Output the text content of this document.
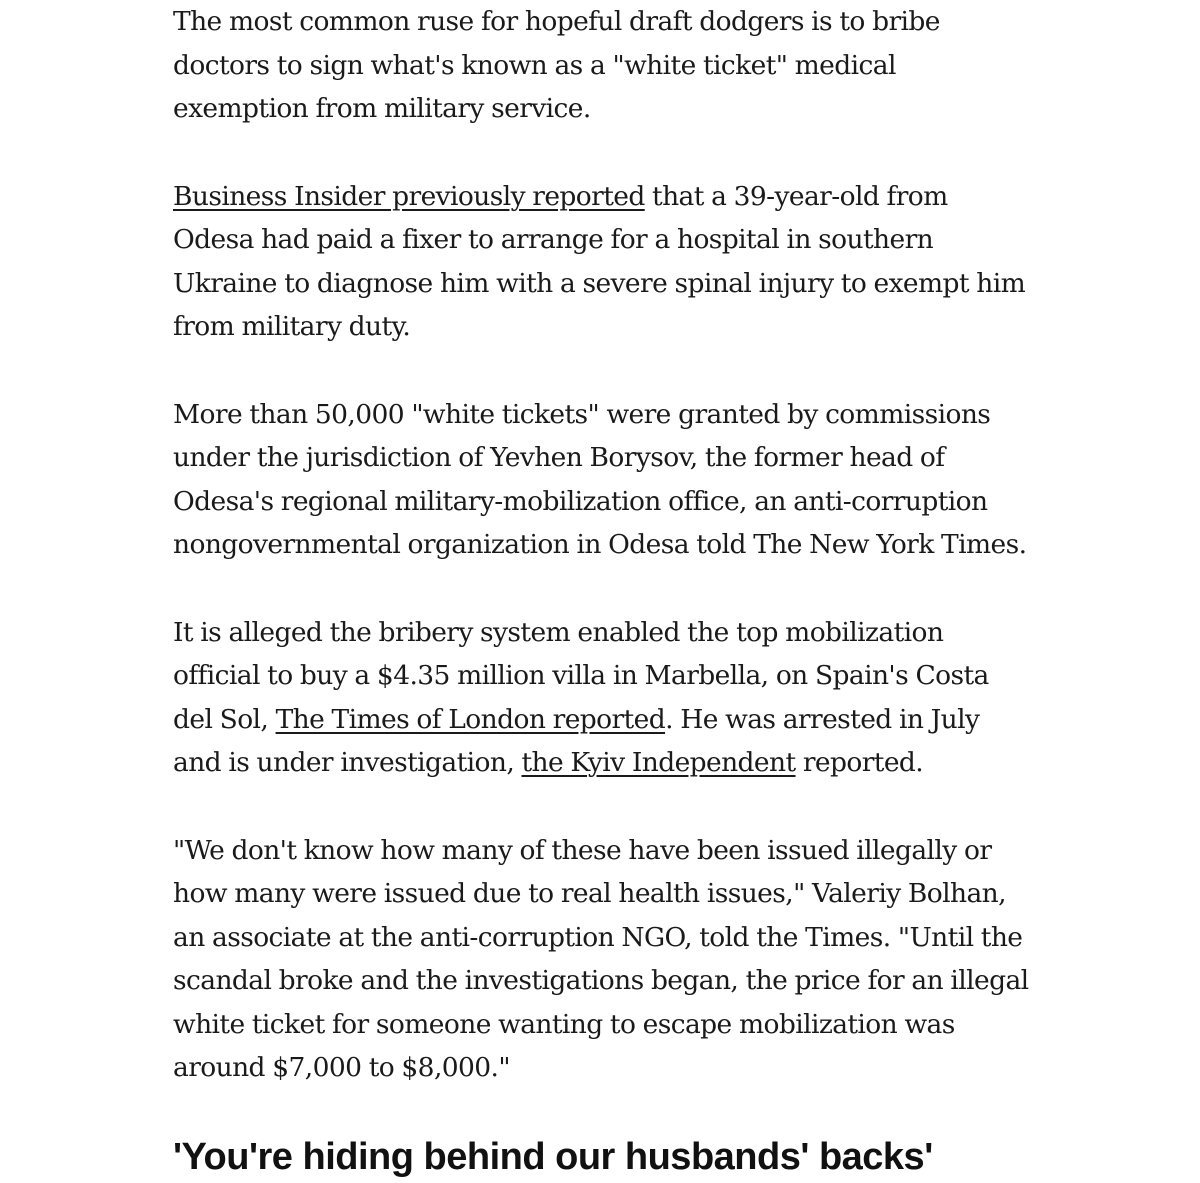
The most common ruse for hopeful draft dodgers is to bribe doctors to sign what's known as a "white ticket" medical exemption from military service.

Business Insider previously reported that a 39-year-old from Odesa had paid a fixer to arrange for a hospital in southern Ukraine to diagnose him with a severe spinal injury to exempt him from military duty.

More than 50,000 "white tickets" were granted by commissions under the jurisdiction of Yevhen Borysov, the former head of Odesa's regional military-mobilization office, an anti-corruption nongovernmental organization in Odesa told The New York Times.

It is alleged the bribery system enabled the top mobilization official to buy a $4.35 million villa in Marbella, on Spain's Costa del Sol, The Times of London reported. He was arrested in July and is under investigation, the Kyiv Independent reported.

"We don't know how many of these have been issued illegally or how many were issued due to real health issues," Valeriy Bolhan, an associate at the anti-corruption NGO, told the Times. "Until the scandal broke and the investigations began, the price for an illegal white ticket for someone wanting to escape mobilization was around $7,000 to $8,000."

'You're hiding behind our husbands' backs'
